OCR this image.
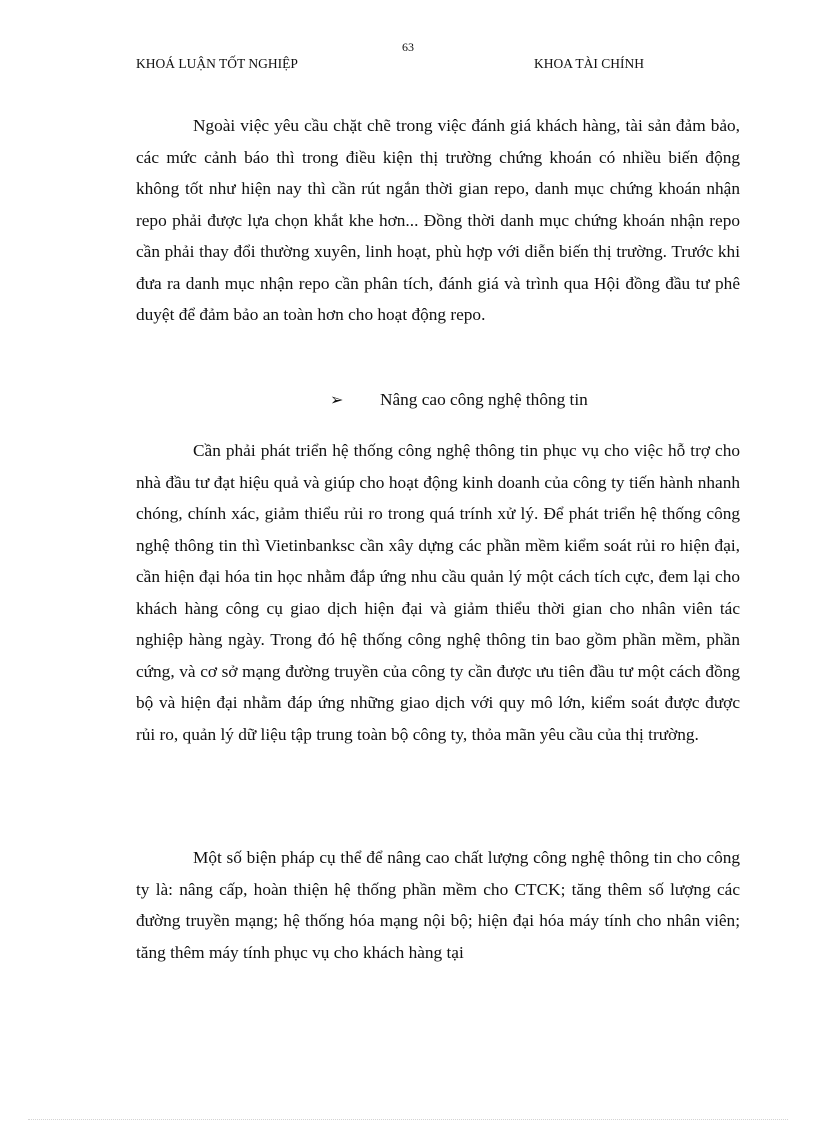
63
KHOÁ LUẬN TỐT NGHIỆP	KHOA TÀI CHÍNH

Ngoài việc yêu cầu chặt chẽ trong việc đánh giá khách hàng, tài sản đảm bảo, các mức cảnh báo thì trong điều kiện thị trường chứng khoán có nhiều biến động không tốt như hiện nay thì cần rút ngắn thời gian repo, danh mục chứng khoán nhận repo phải được lựa chọn khắt khe hơn... Đồng thời danh mục chứng khoán nhận repo cần phải thay đổi thường xuyên, linh hoạt, phù hợp với diễn biến thị trường. Trước khi đưa ra danh mục nhận repo cần phân tích, đánh giá và trình qua Hội đồng đầu tư phê duyệt để đảm bảo an toàn hơn cho hoạt động repo.

➢ Nâng cao công nghệ thông tin

Cần phải phát triển hệ thống công nghệ thông tin phục vụ cho việc hỗ trợ cho nhà đầu tư đạt hiệu quả và giúp cho hoạt động kinh doanh của công ty tiến hành nhanh chóng, chính xác, giảm thiểu rủi ro trong quá trính xử lý. Để phát triển hệ thống công nghệ thông tin thì Vietinbanksc cần xây dựng các phần mềm kiểm soát rủi ro hiện đại, cần hiện đại hóa tin học nhằm đắp ứng nhu cầu quản lý một cách tích cực, đem lại cho khách hàng công cụ giao dịch hiện đại và giảm thiểu thời gian cho nhân viên tác nghiệp hàng ngày. Trong đó hệ thống công nghệ thông tin bao gồm phần mềm, phần cứng, và cơ sở mạng đường truyền của công ty cần được ưu tiên đầu tư một cách đồng bộ và hiện đại nhằm đáp ứng những giao dịch với quy mô lớn, kiểm soát được được rủi ro, quản lý dữ liệu tập trung toàn bộ công ty, thỏa mãn yêu cầu của thị trường.

Một số biện pháp cụ thể để nâng cao chất lượng công nghệ thông tin cho công ty là: nâng cấp, hoàn thiện hệ thống phần mềm cho CTCK; tăng thêm số lượng các đường truyền mạng; hệ thống hóa mạng nội bộ; hiện đại hóa máy tính cho nhân viên; tăng thêm máy tính phục vụ cho khách hàng tại
